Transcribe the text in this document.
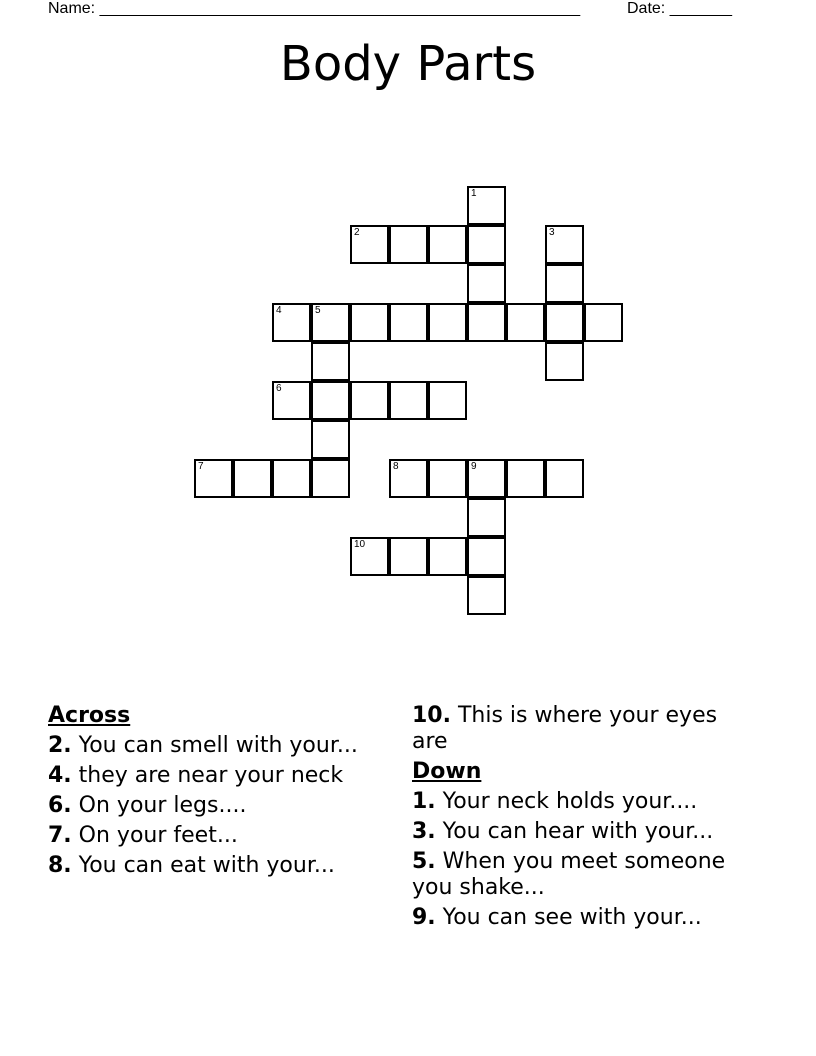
Name: ______________________________________________________	Date: _______
Body Parts
1
2	3
4	5
6
7	8	9
10
Across
2. You can smell with your...
4. they are near your neck
6. On your legs....
7. On your feet...
8. You can eat with your...
10. This is where your eyes are
Down
1. Your neck holds your....
3. You can hear with your...
5. When you meet someone you shake...
9. You can see with your...
